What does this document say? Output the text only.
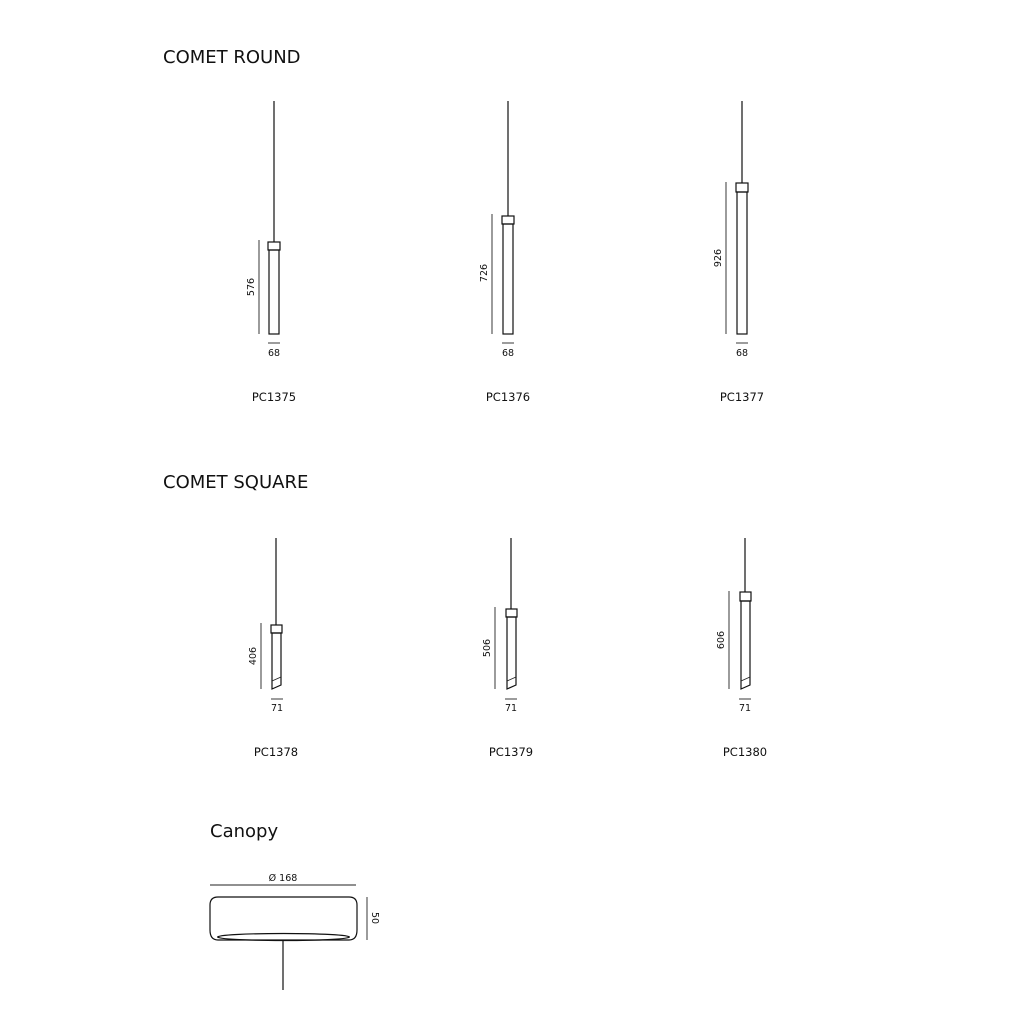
COMET ROUND
COMET SQUARE
Canopy
576
68
PC1375
726
68
PC1376
926
68
PC1377
406
71
PC1378
506
71
PC1379
606
71
PC1380
Ø 168
50
